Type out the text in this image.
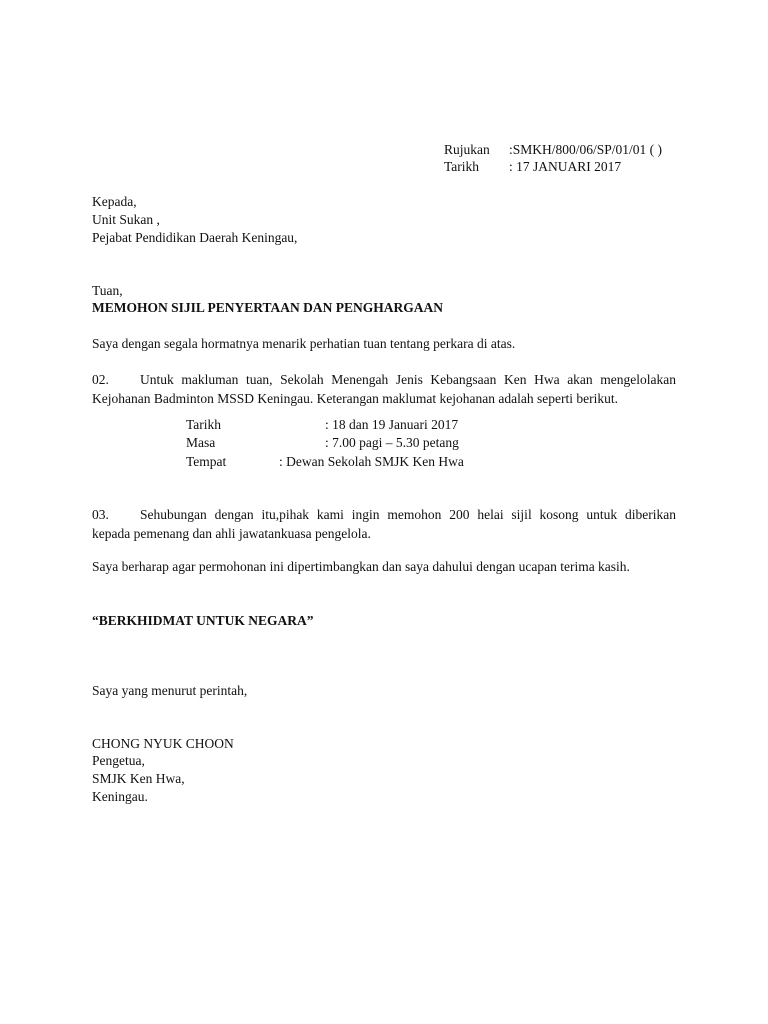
Rujukan :SMKH/800/06/SP/01/01 ( )
Tarikh : 17 JANUARI 2017
Kepada,
Unit Sukan ,
Pejabat Pendidikan Daerah Keningau,
Tuan,
MEMOHON SIJIL PENYERTAAN DAN PENGHARGAAN
Saya dengan segala hormatnya menarik perhatian tuan tentang perkara di atas.
02. Untuk makluman tuan, Sekolah Menengah Jenis Kebangsaan Ken Hwa akan mengelolakan
Kejohanan Badminton MSSD Keningau. Keterangan maklumat kejohanan adalah seperti berikut.
Tarikh	: 18 dan 19 Januari 2017
Masa	: 7.00 pagi – 5.30 petang
Tempat	: Dewan Sekolah SMJK Ken Hwa
03. Sehubungan dengan itu,pihak kami ingin memohon 200 helai sijil kosong untuk diberikan
kepada pemenang dan ahli jawatankuasa pengelola.
Saya berharap agar permohonan ini dipertimbangkan dan saya dahului dengan ucapan terima kasih.
“BERKHIDMAT UNTUK NEGARA”
Saya yang menurut perintah,
CHONG NYUK CHOON
Pengetua,
SMJK Ken Hwa,
Keningau.
